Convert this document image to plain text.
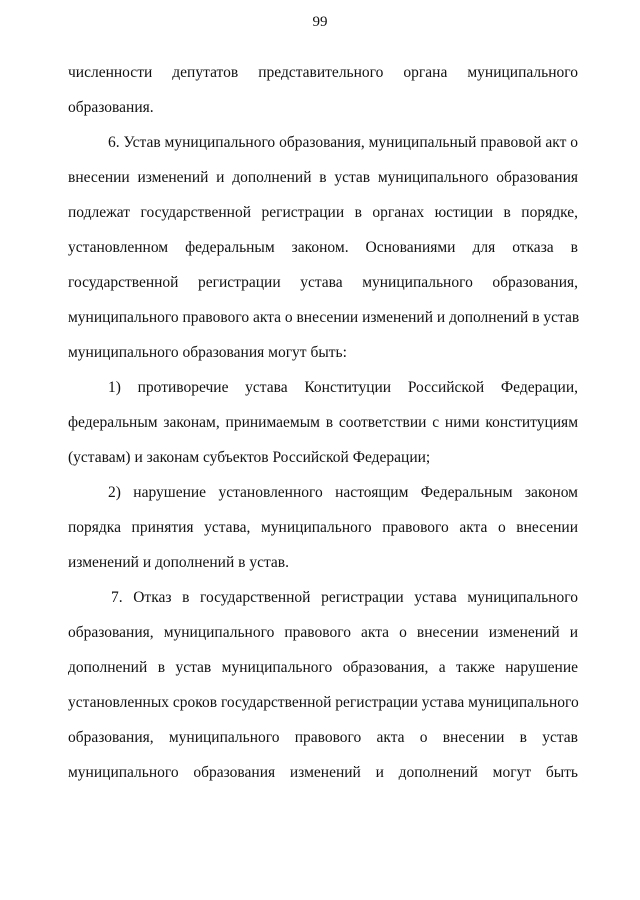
99
численности депутатов представительного органа муниципального
образования.
6. Устав муниципального образования, муниципальный правовой акт о
внесении изменений и дополнений в устав муниципального образования
подлежат государственной регистрации в органах юстиции в порядке,
установленном федеральным законом. Основаниями для отказа в
государственной регистрации устава муниципального образования,
муниципального правового акта о внесении изменений и дополнений в устав
муниципального образования могут быть:
1) противоречие устава Конституции Российской Федерации,
федеральным законам, принимаемым в соответствии с ними конституциям
(уставам) и законам субъектов Российской Федерации;
2) нарушение установленного настоящим Федеральным законом
порядка принятия устава, муниципального правового акта о внесении
изменений и дополнений в устав.
7. Отказ в государственной регистрации устава муниципального
образования, муниципального правового акта о внесении изменений и
дополнений в устав муниципального образования, а также нарушение
установленных сроков государственной регистрации устава муниципального
образования, муниципального правового акта о внесении в устав
муниципального образования изменений и дополнений могут быть
